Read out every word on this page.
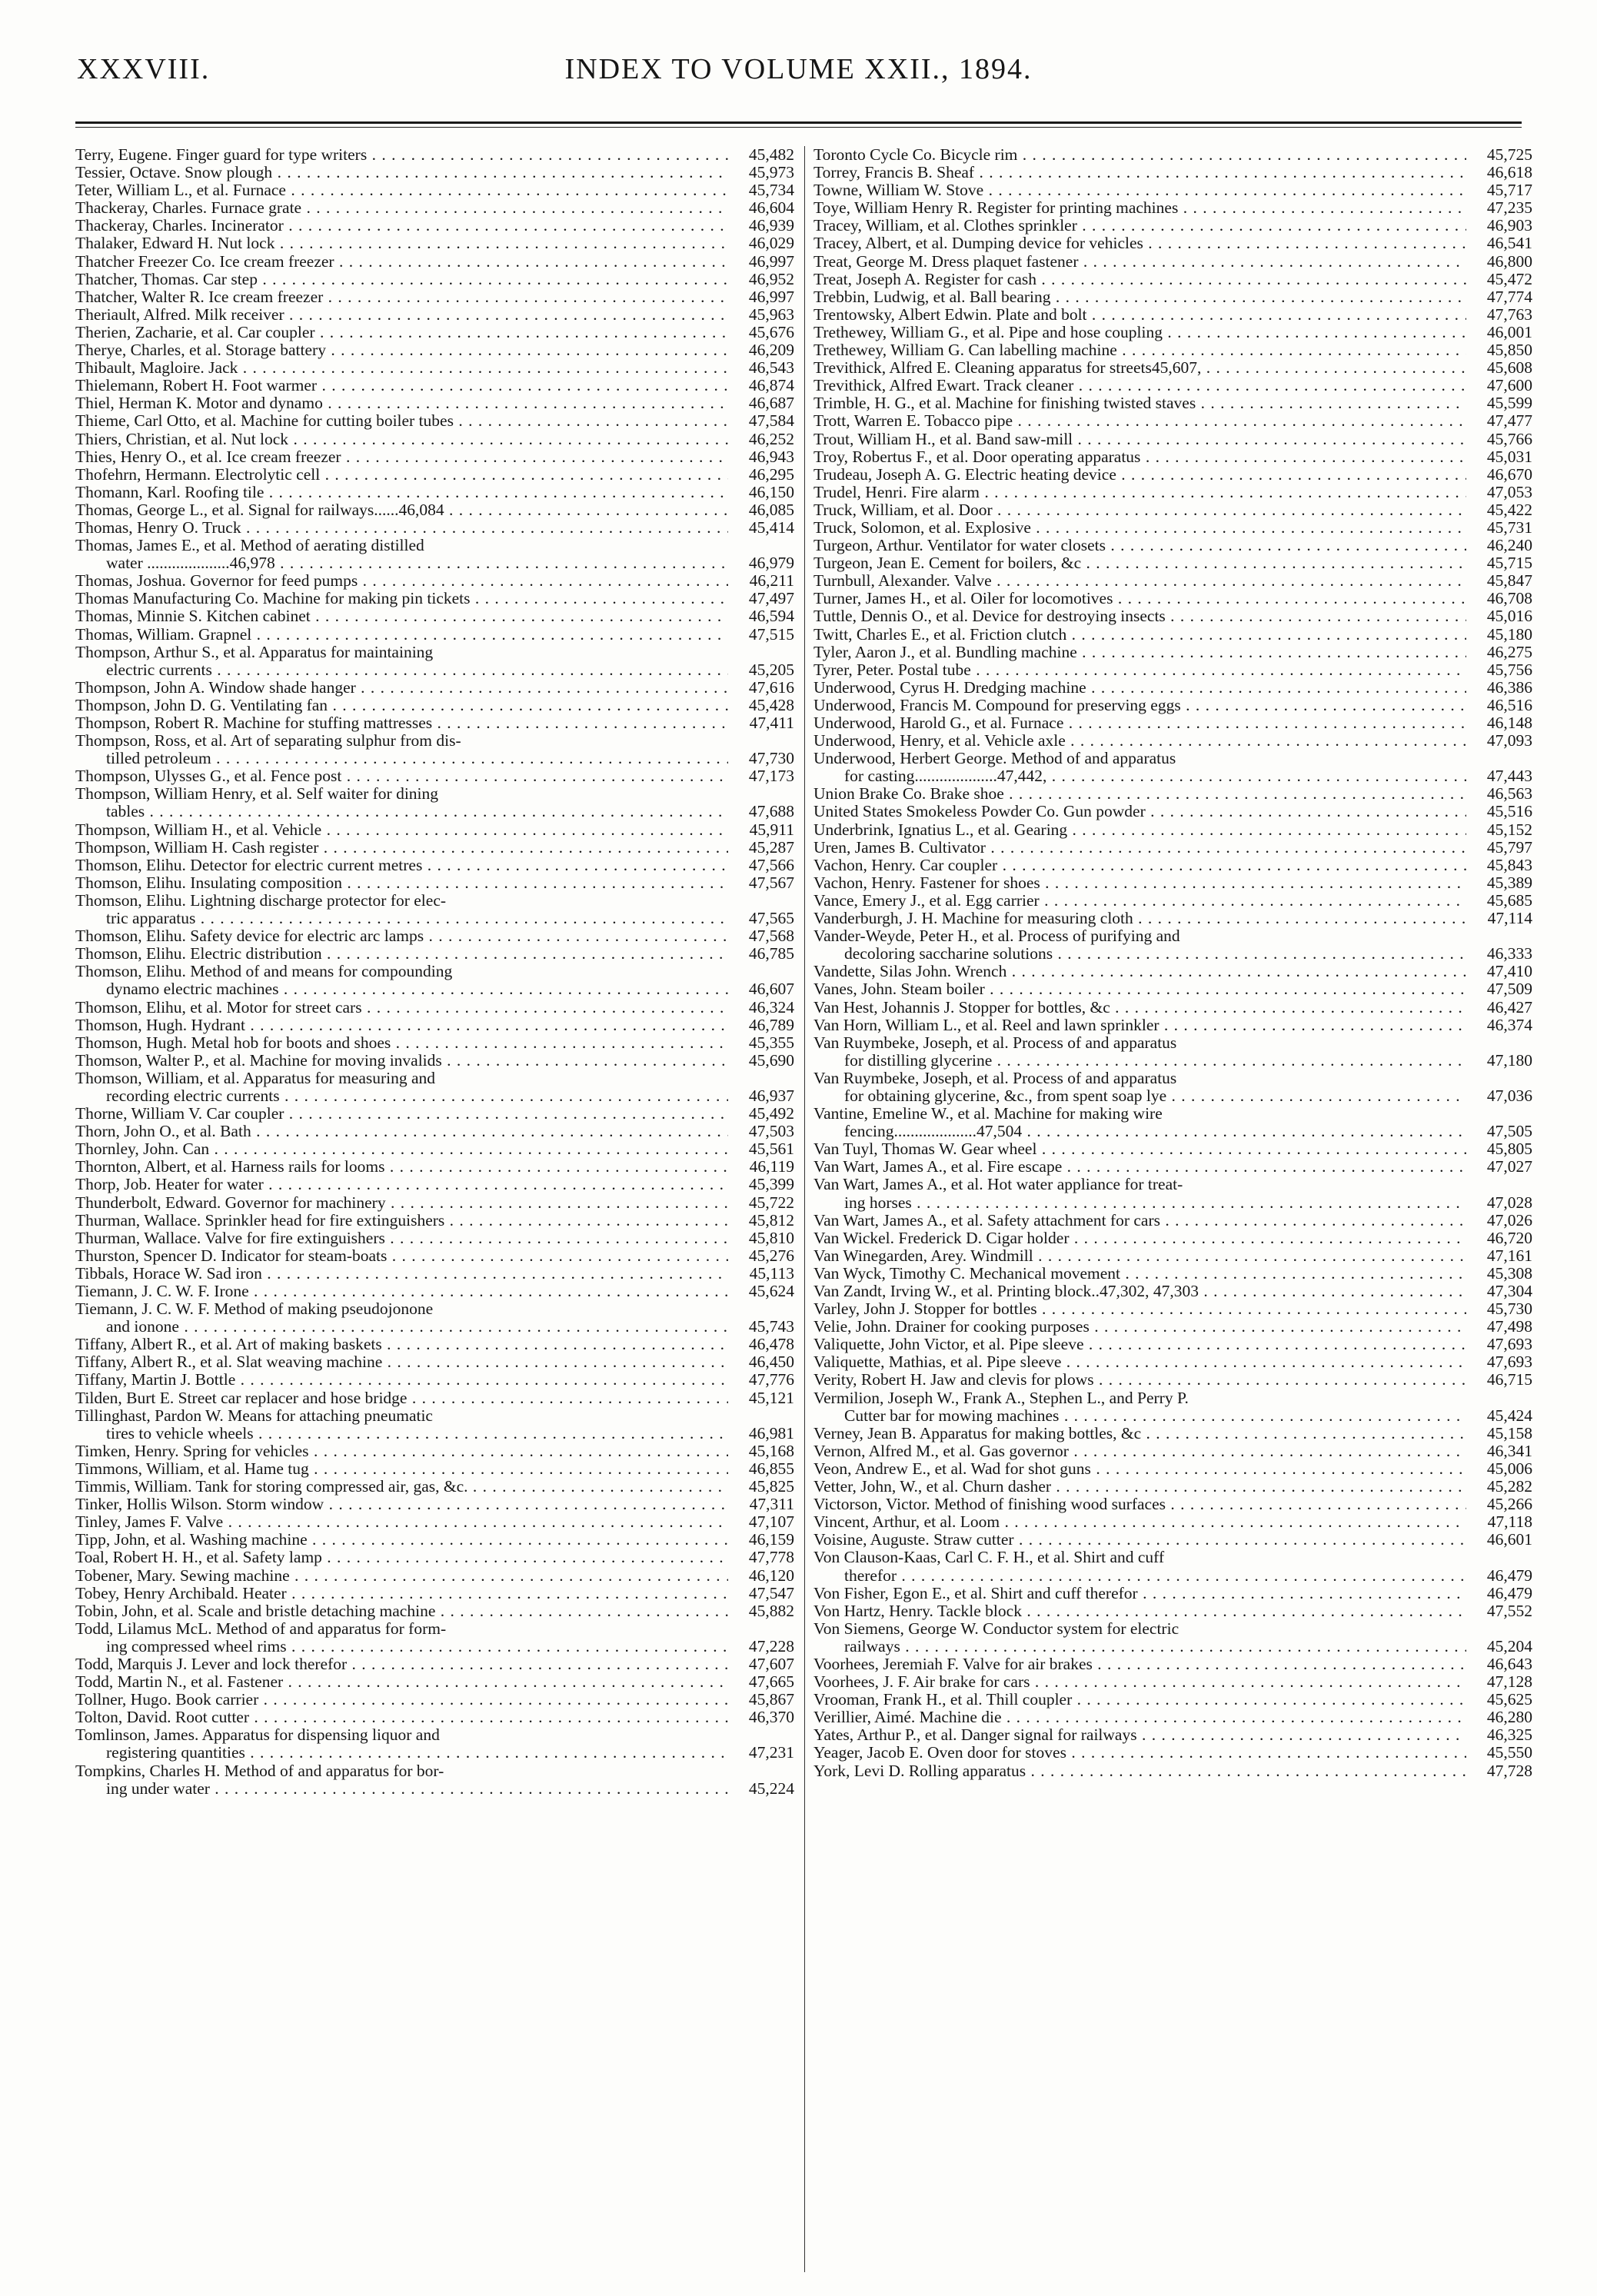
XXXVIII.	INDEX TO VOLUME XXII., 1894.
Terry, Eugene. Finger guard for type writers . . .	45,482
Tessier, Octave. Snow plough . . .	45,973
Teter, William L., et al. Furnace . . .	45,734
Thackeray, Charles. Furnace grate . . .	46,604
Thackeray, Charles. Incinerator . . .	46,939
Thalaker, Edward H. Nut lock . . .	46,029
Thatcher Freezer Co. Ice cream freezer . . .	46,997
Thatcher, Thomas. Car step . . .	46,952
Thatcher, Walter R. Ice cream freezer . . .	46,997
Theriault, Alfred. Milk receiver . . .	45,963
Therien, Zacharie, et al. Car coupler . . .	45,676
Therye, Charles, et al. Storage battery . . .	46,209
Thibault, Magloire. Jack . . .	46,543
Thielemann, Robert H. Foot warmer . . .	46,874
Thiel, Herman K. Motor and dynamo . . .	46,687
Thieme, Carl Otto, et al. Machine for cutting boiler tubes . . .	47,584
Thiers, Christian, et al. Nut lock . . .	46,252
Thies, Henry O., et al. Ice cream freezer . . .	46,943
Thofehrn, Hermann. Electrolytic cell . . .	46,295
Thomann, Karl. Roofing tile . . .	46,150
Thomas, George L., et al. Signal for railways......46,084 . . .	46,085
Thomas, Henry O. Truck . . .	45,414
Thomas, James E., et al. Method of aerating distilled
water ....................46,978 . . .	46,979
Thomas, Joshua. Governor for feed pumps . . .	46,211
Thomas Manufacturing Co. Machine for making pin tickets . . .	47,497
Thomas, Minnie S. Kitchen cabinet . . .	46,594
Thomas, William. Grapnel . . .	47,515
Thompson, Arthur S., et al. Apparatus for maintaining
electric currents . . .	45,205
Thompson, John A. Window shade hanger . . .	47,616
Thompson, John D. G. Ventilating fan . . .	45,428
Thompson, Robert R. Machine for stuffing mattresses . . .	47,411
Thompson, Ross, et al. Art of separating sulphur from dis-
tilled petroleum . . .	47,730
Thompson, Ulysses G., et al. Fence post . . .	47,173
Thompson, William Henry, et al. Self waiter for dining
tables . . .	47,688
Thompson, William H., et al. Vehicle . . .	45,911
Thompson, William H. Cash register . . .	45,287
Thomson, Elihu. Detector for electric current metres . . .	47,566
Thomson, Elihu. Insulating composition . . .	47,567
Thomson, Elihu. Lightning discharge protector for elec-
tric apparatus . . .	47,565
Thomson, Elihu. Safety device for electric arc lamps . . .	47,568
Thomson, Elihu. Electric distribution . . .	46,785
Thomson, Elihu. Method of and means for compounding
dynamo electric machines . . .	46,607
Thomson, Elihu, et al. Motor for street cars . . .	46,324
Thomson, Hugh. Hydrant . . .	46,789
Thomson, Hugh. Metal hob for boots and shoes . . .	45,355
Thomson, Walter P., et al. Machine for moving invalids . . .	45,690
Thomson, William, et al. Apparatus for measuring and
recording electric currents . . .	46,937
Thorne, William V. Car coupler . . .	45,492
Thorn, John O., et al. Bath . . .	47,503
Thornley, John. Can . . .	45,561
Thornton, Albert, et al. Harness rails for looms . . .	46,119
Thorp, Job. Heater for water . . .	45,399
Thunderbolt, Edward. Governor for machinery . . .	45,722
Thurman, Wallace. Sprinkler head for fire extinguishers . . .	45,812
Thurman, Wallace. Valve for fire extinguishers . . .	45,810
Thurston, Spencer D. Indicator for steam-boats . . .	45,276
Tibbals, Horace W. Sad iron . . .	45,113
Tiemann, J. C. W. F. Irone . . .	45,624
Tiemann, J. C. W. F. Method of making pseudojonone
and ionone . . .	45,743
Tiffany, Albert R., et al. Art of making baskets . . .	46,478
Tiffany, Albert R., et al. Slat weaving machine . . .	46,450
Tiffany, Martin J. Bottle . . .	47,776
Tilden, Burt E. Street car replacer and hose bridge . . .	45,121
Tillinghast, Pardon W. Means for attaching pneumatic
tires to vehicle wheels . . .	46,981
Timken, Henry. Spring for vehicles . . .	45,168
Timmons, William, et al. Hame tug . . .	46,855
Timmis, William. Tank for storing compressed air, gas, &c. . . .	45,825
Tinker, Hollis Wilson. Storm window . . .	47,311
Tinley, James F. Valve . . .	47,107
Tipp, John, et al. Washing machine . . .	46,159
Toal, Robert H. H., et al. Safety lamp . . .	47,778
Tobener, Mary. Sewing machine . . .	46,120
Tobey, Henry Archibald. Heater . . .	47,547
Tobin, John, et al. Scale and bristle detaching machine . . .	45,882
Todd, Lilamus McL. Method of and apparatus for form-
ing compressed wheel rims . . .	47,228
Todd, Marquis J. Lever and lock therefor . . .	47,607
Todd, Martin N., et al. Fastener . . .	47,665
Tollner, Hugo. Book carrier . . .	45,867
Tolton, David. Root cutter . . .	46,370
Tomlinson, James. Apparatus for dispensing liquor and
registering quantities . . .	47,231
Tompkins, Charles H. Method of and apparatus for bor-
ing under water . . .	45,224
Toronto Cycle Co. Bicycle rim . . .	45,725
Torrey, Francis B. Sheaf . . .	46,618
Towne, William W. Stove . . .	45,717
Toye, William Henry R. Register for printing machines . . .	47,235
Tracey, William, et al. Clothes sprinkler . . .	46,903
Tracey, Albert, et al. Dumping device for vehicles . . .	46,541
Treat, George M. Dress plaquet fastener . . .	46,800
Treat, Joseph A. Register for cash . . .	45,472
Trebbin, Ludwig, et al. Ball bearing . . .	47,774
Trentowsky, Albert Edwin. Plate and bolt . . .	47,763
Trethewey, William G., et al. Pipe and hose coupling . . .	46,001
Trethewey, William G. Can labelling machine . . .	45,850
Trevithick, Alfred E. Cleaning apparatus for streets45,607, . . .	45,608
Trevithick, Alfred Ewart. Track cleaner . . .	47,600
Trimble, H. G., et al. Machine for finishing twisted staves . . .	45,599
Trott, Warren E. Tobacco pipe . . .	47,477
Trout, William H., et al. Band saw-mill . . .	45,766
Troy, Robertus F., et al. Door operating apparatus . . .	45,031
Trudeau, Joseph A. G. Electric heating device . . .	46,670
Trudel, Henri. Fire alarm . . .	47,053
Truck, William, et al. Door . . .	45,422
Truck, Solomon, et al. Explosive . . .	45,731
Turgeon, Arthur. Ventilator for water closets . . .	46,240
Turgeon, Jean E. Cement for boilers, &c . . .	45,715
Turnbull, Alexander. Valve . . .	45,847
Turner, James H., et al. Oiler for locomotives . . .	46,708
Tuttle, Dennis O., et al. Device for destroying insects . . .	45,016
Twitt, Charles E., et al. Friction clutch . . .	45,180
Tyler, Aaron J., et al. Bundling machine . . .	46,275
Tyrer, Peter. Postal tube . . .	45,756
Underwood, Cyrus H. Dredging machine . . .	46,386
Underwood, Francis M. Compound for preserving eggs . . .	46,516
Underwood, Harold G., et al. Furnace . . .	46,148
Underwood, Henry, et al. Vehicle axle . . .	47,093
Underwood, Herbert George. Method of and apparatus
for casting....................47,442, . . .	47,443
Union Brake Co. Brake shoe . . .	46,563
United States Smokeless Powder Co. Gun powder . . .	45,516
Underbrink, Ignatius L., et al. Gearing . . .	45,152
Uren, James B. Cultivator . . .	45,797
Vachon, Henry. Car coupler . . .	45,843
Vachon, Henry. Fastener for shoes . . .	45,389
Vance, Emery J., et al. Egg carrier . . .	45,685
Vanderburgh, J. H. Machine for measuring cloth . . .	47,114
Vander-Weyde, Peter H., et al. Process of purifying and
decoloring saccharine solutions . . .	46,333
Vandette, Silas John. Wrench . . .	47,410
Vanes, John. Steam boiler . . .	47,509
Van Hest, Johannis J. Stopper for bottles, &c . . .	46,427
Van Horn, William L., et al. Reel and lawn sprinkler . . .	46,374
Van Ruymbeke, Joseph, et al. Process of and apparatus
for distilling glycerine . . .	47,180
Van Ruymbeke, Joseph, et al. Process of and apparatus
for obtaining glycerine, &c., from spent soap lye . . .	47,036
Vantine, Emeline W., et al. Machine for making wire
fencing....................47,504 . . .	47,505
Van Tuyl, Thomas W. Gear wheel . . .	45,805
Van Wart, James A., et al. Fire escape . . .	47,027
Van Wart, James A., et al. Hot water appliance for treat-
ing horses . . .	47,028
Van Wart, James A., et al. Safety attachment for cars . . .	47,026
Van Wickel. Frederick D. Cigar holder . . .	46,720
Van Winegarden, Arey. Windmill . . .	47,161
Van Wyck, Timothy C. Mechanical movement . . .	45,308
Van Zandt, Irving W., et al. Printing block..47,302, 47,303 . . .	47,304
Varley, John J. Stopper for bottles . . .	45,730
Velie, John. Drainer for cooking purposes . . .	47,498
Valiquette, John Victor, et al. Pipe sleeve . . .	47,693
Valiquette, Mathias, et al. Pipe sleeve . . .	47,693
Verity, Robert H. Jaw and clevis for plows . . .	46,715
Vermilion, Joseph W., Frank A., Stephen L., and Perry P.
Cutter bar for mowing machines . . .	45,424
Verney, Jean B. Apparatus for making bottles, &c . . .	45,158
Vernon, Alfred M., et al. Gas governor . . .	46,341
Veon, Andrew E., et al. Wad for shot guns . . .	45,006
Vetter, John, W., et al. Churn dasher . . .	45,282
Victorson, Victor. Method of finishing wood surfaces . . .	45,266
Vincent, Arthur, et al. Loom . . .	47,118
Voisine, Auguste. Straw cutter . . .	46,601
Von Clauson-Kaas, Carl C. F. H., et al. Shirt and cuff
therefor . . .	46,479
Von Fisher, Egon E., et al. Shirt and cuff therefor . . .	46,479
Von Hartz, Henry. Tackle block . . .	47,552
Von Siemens, George W. Conductor system for electric
railways . . .	45,204
Voorhees, Jeremiah F. Valve for air brakes . . .	46,643
Voorhees, J. F. Air brake for cars . . .	47,128
Vrooman, Frank H., et al. Thill coupler . . .	45,625
Verillier, Aimé. Machine die . . .	46,280
Yates, Arthur P., et al. Danger signal for railways . . .	46,325
Yeager, Jacob E. Oven door for stoves . . .	45,550
York, Levi D. Rolling apparatus . . .	47,728
